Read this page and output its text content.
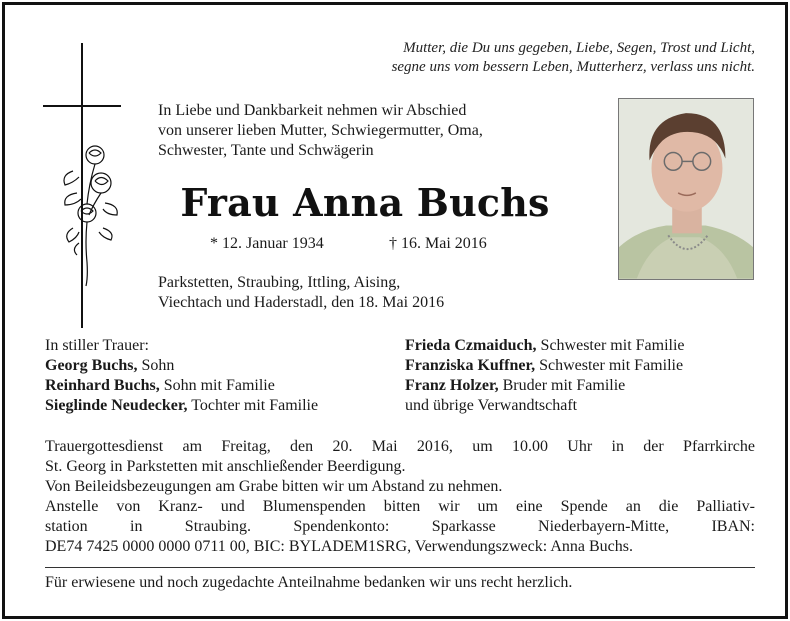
Mutter, die Du uns gegeben, Liebe, Segen, Trost und Licht,
segne uns vom bessern Leben, Mutterherz, verlass uns nicht.
In Liebe und Dankbarkeit nehmen wir Abschied
von unserer lieben Mutter, Schwiegermutter, Oma,
Schwester, Tante und Schwägerin
Frau Anna Buchs
* 12. Januar 1934	† 16. Mai 2016
Parkstetten, Straubing, Ittling, Aising,
Viechtach und Haderstadl, den 18. Mai 2016
In stiller Trauer:
Georg Buchs, Sohn
Reinhard Buchs, Sohn mit Familie
Sieglinde Neudecker, Tochter mit Familie
Frieda Czmaiduch, Schwester mit Familie
Franziska Kuffner, Schwester mit Familie
Franz Holzer, Bruder mit Familie
und übrige Verwandtschaft

Trauergottesdienst am Freitag, den 20. Mai 2016, um 10.00 Uhr in der Pfarrkirche

St. Georg in Parkstetten mit anschließender Beerdigung.

Von Beileidsbezeugungen am Grabe bitten wir um Abstand zu nehmen.

Anstelle von Kranz- und Blumenspenden bitten wir um eine Spende an die Palliativ-

station in Straubing. Spendenkonto: Sparkasse Niederbayern-Mitte, IBAN:

DE74 7425 0000 0000 0711 00, BIC: BYLADEM1SRG, Verwendungszweck: Anna Buchs.

Für erwiesene und noch zugedachte Anteilnahme bedanken wir uns recht herzlich.
